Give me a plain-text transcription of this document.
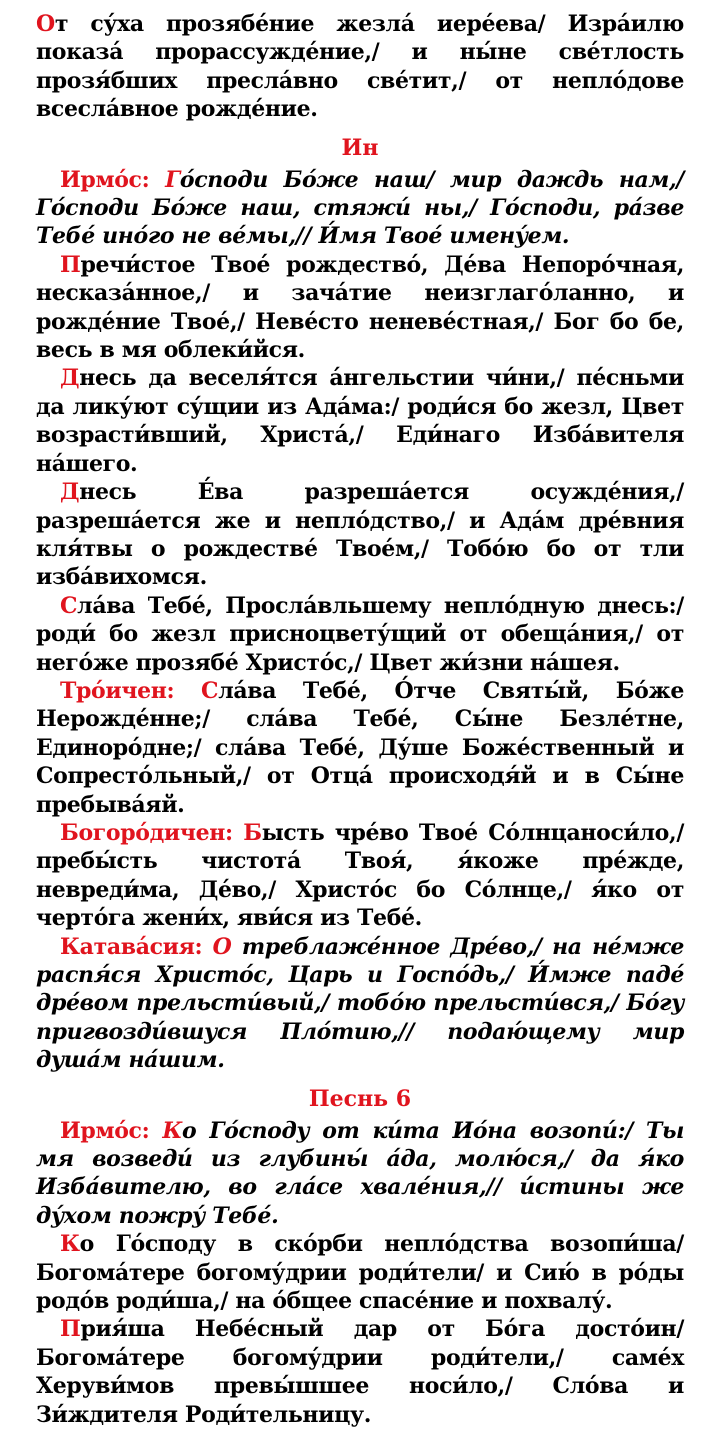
От су́ха прозябе́ние жезла́ иере́ева/ Изра́илю показа́ прорассужде́ние,/ и ны́не све́тлость прозя́бших пресла́вно све́тит,/ от непло́дове всесла́вное рожде́ние.

Ин

Ирмо́с: Го́споди Бо́же наш/ мир даждь нам,/ Го́споди Бо́же наш, стяжи́ ны,/ Го́споди, ра́зве Тебе́ ино́го не ве́мы,// И́мя Твое́ имену́ем.

Пречи́стое Твое́ рождество́, Де́ва Непоро́чная, несказа́нное,/ и зача́тие неизглаго́ланно, и рожде́ние Твое́,/ Неве́сто неневе́стная,/ Бог бо бе, весь в мя облеки́йся.

Днесь да веселя́тся а́нгельстии чи́ни,/ пе́сньми да лику́ют су́щии из Ада́ма:/ роди́ся бо жезл, Цвет возрасти́вший, Христа́,/ Еди́наго Изба́вителя на́шего.

Днесь Е́ва разреша́ется осужде́ния,/ разреша́ется же и непло́дство,/ и Ада́м дре́вния кля́твы о рождестве́ Твое́м,/ Тобо́ю бо от тли изба́вихомся.

Сла́ва Тебе́, Просла́вльшему непло́дную днесь:/ роди́ бо жезл присноцвету́щий от обеща́ния,/ от него́же прозябе́ Христо́с,/ Цвет жи́зни на́шея.

Тро́ичен: Сла́ва Тебе́, О́тче Святы́й, Бо́же Нерожде́нне;/ сла́ва Тебе́, Сы́не Безле́тне, Единоро́дне;/ сла́ва Тебе́, Ду́ше Боже́ственный и Сопресто́льный,/ от Отца́ происходя́й и в Сы́не пребыва́яй.

Богоро́дичен: Бысть чре́во Твое́ Со́лнцаноси́ло,/ пребы́сть чистота́ Твоя́, я́коже пре́жде, невреди́ма, Де́во,/ Христо́с бо Со́лнце,/ я́ко от черто́га жени́х, яви́ся из Тебе́.

Катава́сия: О треблаже́нное Дре́во,/ на не́мже распя́ся Христо́с, Царь и Госпо́дь,/ И́мже паде́ дре́вом прельсти́вый,/ тобо́ю прельсти́вся,/ Бо́гу пригвозди́вшуся Пло́тию,// подаю́щему мир душа́м на́шим.

Песнь 6

Ирмо́с: Ко Го́споду от ки́та Ио́на возопи́:/ Ты мя возведи́ из глубины́ а́да, молю́ся,/ да я́ко Изба́вителю, во гла́се хвале́ния,// и́стины же ду́хом пожру́ Тебе́.

Ко Го́споду в ско́рби непло́дства возопи́ша/ Богома́тере богому́дрии роди́тели/ и Сию́ в ро́ды родо́в роди́ша,/ на о́бщее спасе́ние и похвалу́.

Прия́ша Небе́сный дар от Бо́га досто́ин/ Богома́тере богому́дрии роди́тели,/ саме́х Херуви́мов превы́шшее носи́ло,/ Сло́ва и Зи́ждителя Роди́тельницу.
